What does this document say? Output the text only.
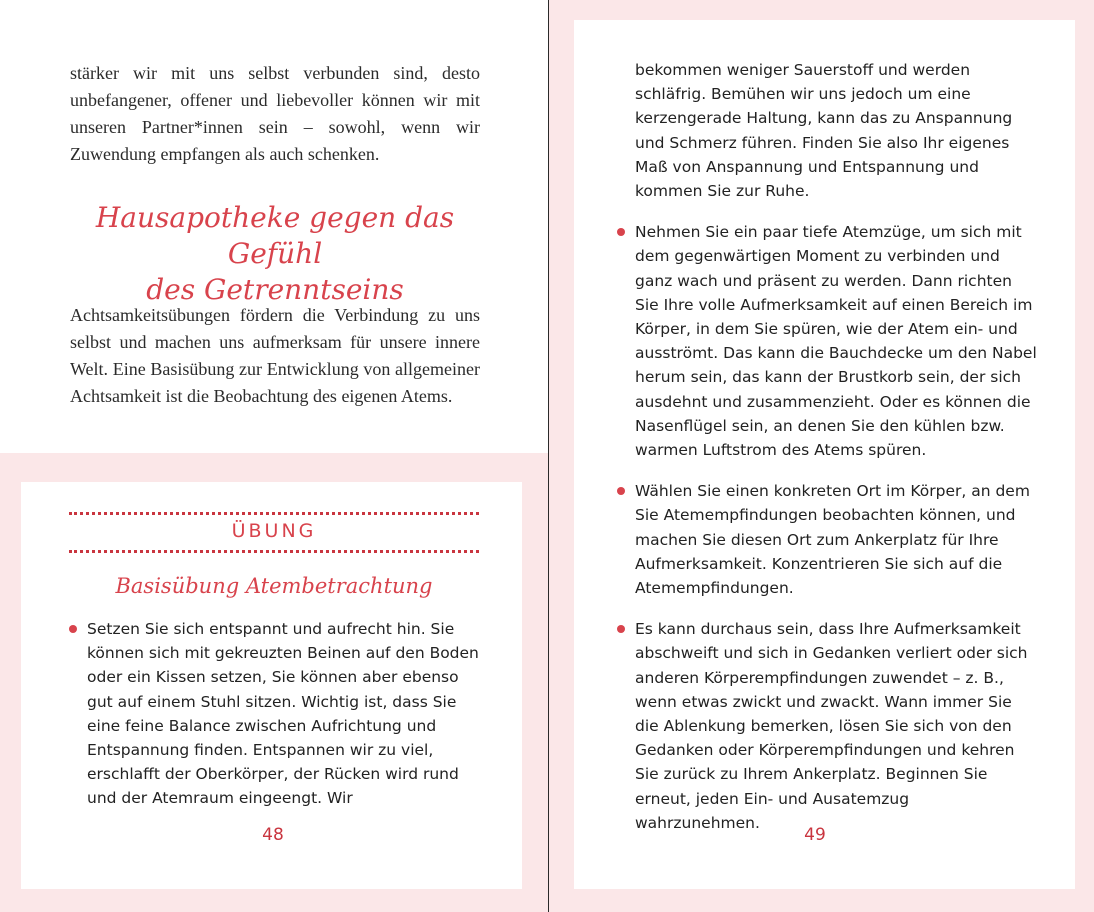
stärker wir mit uns selbst verbunden sind, desto unbefangener, offener und liebevoller können wir mit unseren Partner*innen sein – sowohl, wenn wir Zuwendung empfangen als auch schenken.

Hausapotheke gegen das Gefühl
des Getrenntseins

Achtsamkeitsübungen fördern die Verbindung zu uns selbst und machen uns aufmerksam für unsere innere Welt. Eine Basisübung zur Entwicklung von allgemeiner Achtsamkeit ist die Beobachtung des eigenen Atems.

ÜBUNG
Basisübung Atembetrachtung

Setzen Sie sich entspannt und aufrecht hin. Sie können sich mit gekreuzten Beinen auf den Boden oder ein Kissen setzen, Sie können aber ebenso gut auf einem Stuhl sitzen. Wichtig ist, dass Sie eine feine Balance zwischen Aufrichtung und Entspannung finden. Entspannen wir zu viel, erschlafft der Oberkörper, der Rücken wird rund und der Atemraum eingeengt. Wir

48

bekommen weniger Sauerstoff und werden schläfrig. Bemühen wir uns jedoch um eine kerzengerade Haltung, kann das zu Anspannung und Schmerz führen. Finden Sie also Ihr eigenes Maß von Anspannung und Entspannung und kommen Sie zur Ruhe.

Nehmen Sie ein paar tiefe Atemzüge, um sich mit dem gegenwärtigen Moment zu verbinden und ganz wach und präsent zu werden. Dann richten Sie Ihre volle Aufmerksamkeit auf einen Bereich im Körper, in dem Sie spüren, wie der Atem ein- und ausströmt. Das kann die Bauchdecke um den Nabel herum sein, das kann der Brustkorb sein, der sich ausdehnt und zusammenzieht. Oder es können die Nasenflügel sein, an denen Sie den kühlen bzw. warmen Luftstrom des Atems spüren.

Wählen Sie einen konkreten Ort im Körper, an dem Sie Atemempfindungen beobachten können, und machen Sie diesen Ort zum Ankerplatz für Ihre Aufmerksamkeit. Konzentrieren Sie sich auf die Atemempfindungen.

Es kann durchaus sein, dass Ihre Aufmerksamkeit abschweift und sich in Gedanken verliert oder sich anderen Körperempfindungen zuwendet – z. B., wenn etwas zwickt und zwackt. Wann immer Sie die Ablenkung bemerken, lösen Sie sich von den Gedanken oder Körperempfindungen und kehren Sie zurück zu Ihrem Ankerplatz. Beginnen Sie erneut, jeden Ein- und Ausatemzug wahrzunehmen.

49
